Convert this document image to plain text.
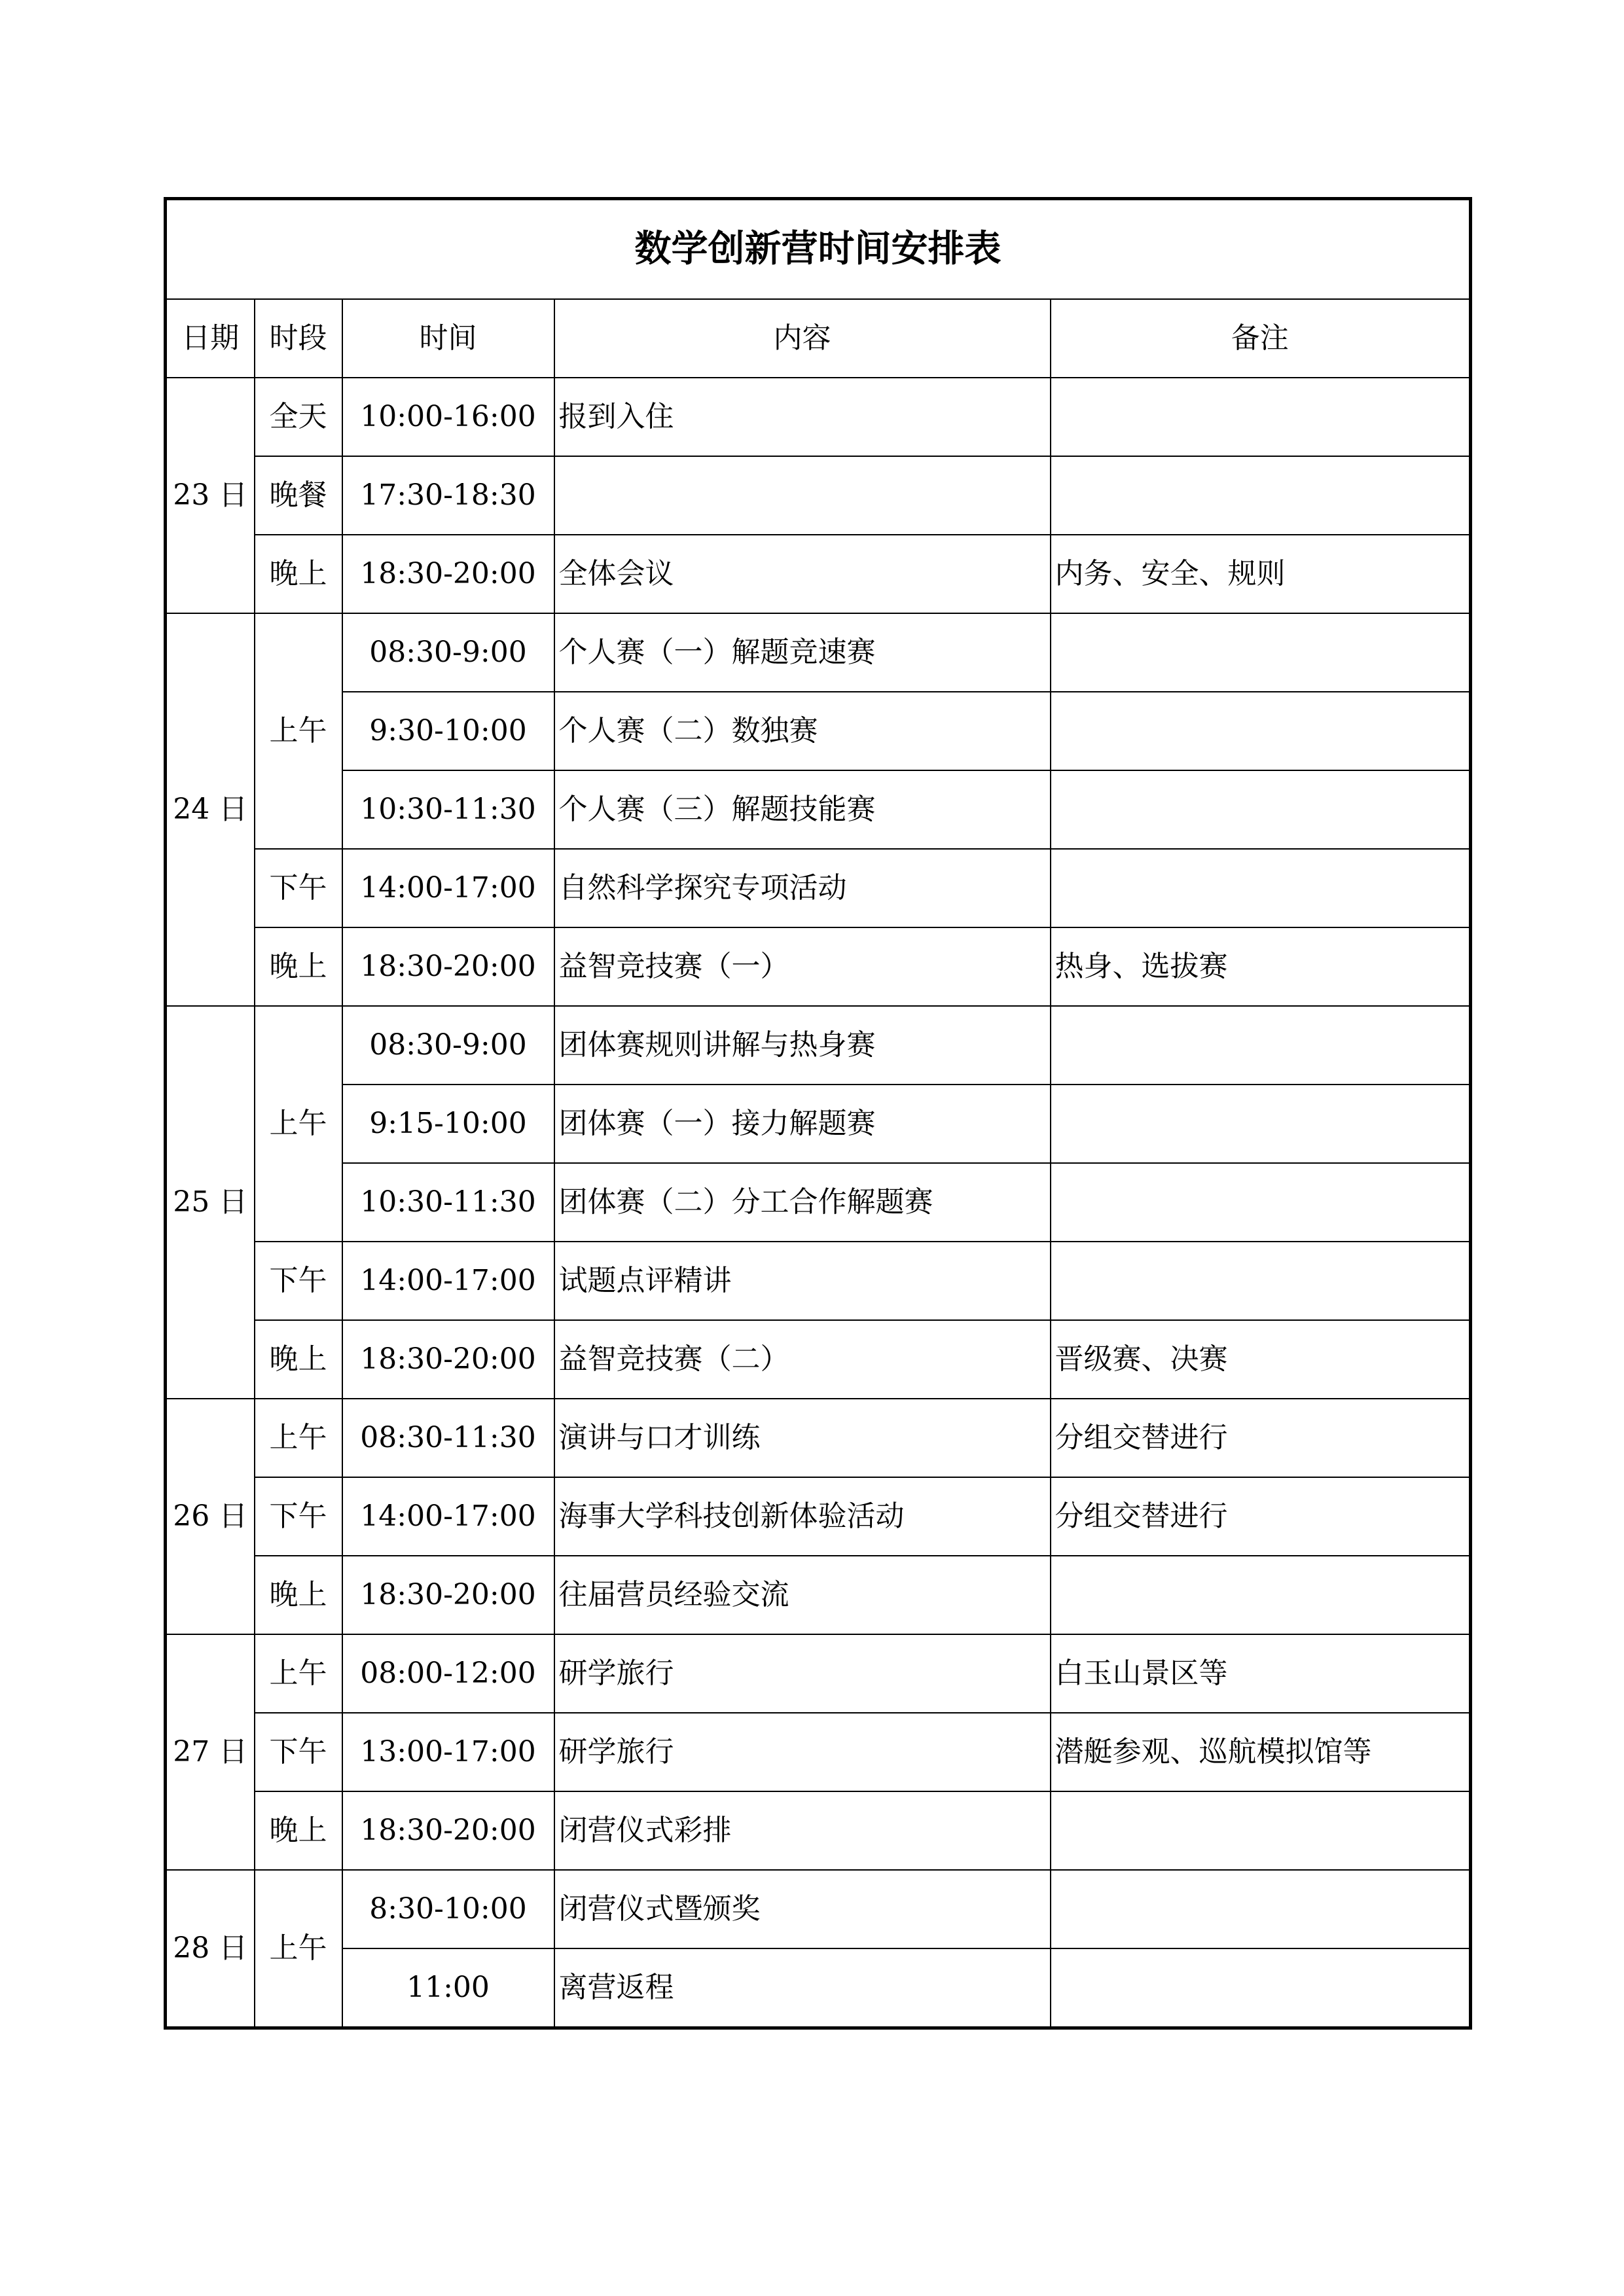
数学创新营时间安排表				
日期	时段	时间	内容	备注
23 日	全天	10:00-16:00	报到入住	
	晚餐	17:30-18:30		
	晚上	18:30-20:00	全体会议	内务、安全、规则
24 日	上午	08:30-9:00	个人赛（一）解题竞速赛	
		9:30-10:00	个人赛（二）数独赛	
		10:30-11:30	个人赛（三）解题技能赛	
	下午	14:00-17:00	自然科学探究专项活动	
	晚上	18:30-20:00	益智竞技赛（一）	热身、选拔赛
25 日	上午	08:30-9:00	团体赛规则讲解与热身赛	
		9:15-10:00	团体赛（一）接力解题赛	
		10:30-11:30	团体赛（二）分工合作解题赛	
	下午	14:00-17:00	试题点评精讲	
	晚上	18:30-20:00	益智竞技赛（二）	晋级赛、决赛
26 日	上午	08:30-11:30	演讲与口才训练	分组交替进行
	下午	14:00-17:00	海事大学科技创新体验活动	分组交替进行
	晚上	18:30-20:00	往届营员经验交流	
27 日	上午	08:00-12:00	研学旅行	白玉山景区等
	下午	13:00-17:00	研学旅行	潜艇参观、巡航模拟馆等
	晚上	18:30-20:00	闭营仪式彩排	
28 日	上午	8:30-10:00	闭营仪式暨颁奖	
		11:00	离营返程	
